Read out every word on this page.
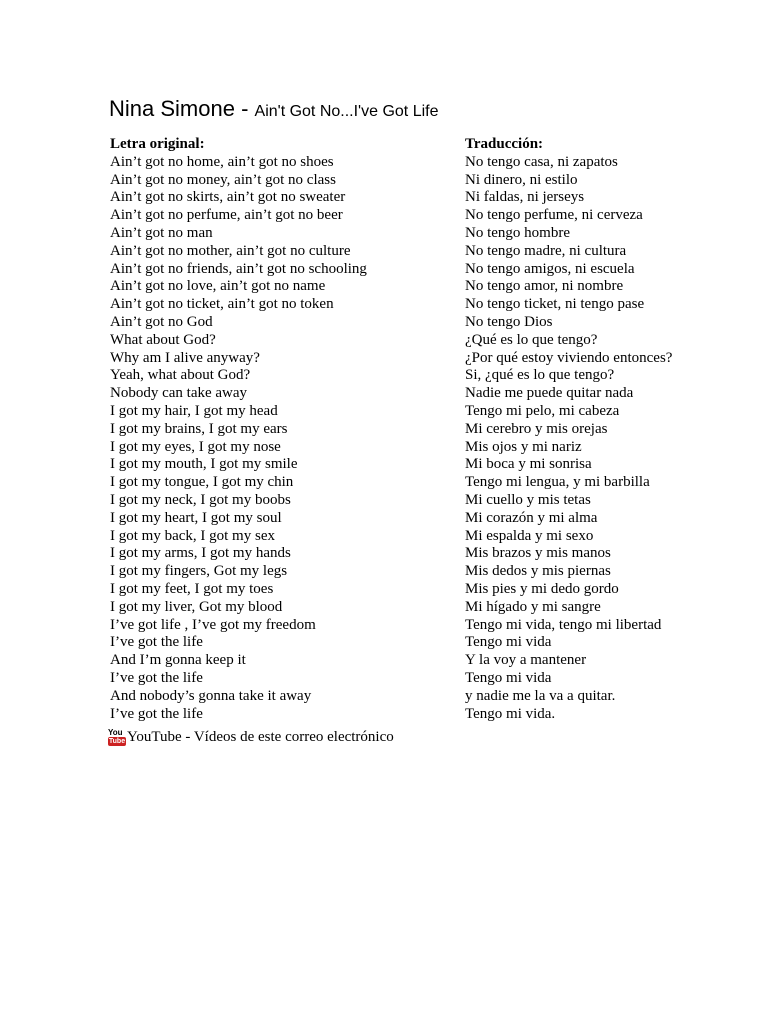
Nina Simone - Ain't Got No...I've Got Life
Letra original:
Ain’t got no home, ain’t got no shoes
Ain’t got no money, ain’t got no class
Ain’t got no skirts, ain’t got no sweater
Ain’t got no perfume, ain’t got no beer
Ain’t got no man
Ain’t got no mother, ain’t got no culture
Ain’t got no friends, ain’t got no schooling
Ain’t got no love, ain’t got no name
Ain’t got no ticket, ain’t got no token
Ain’t got no God
What about God?
Why am I alive anyway?
Yeah, what about God?
Nobody can take away
I got my hair, I got my head
I got my brains, I got my ears
I got my eyes, I got my nose
I got my mouth, I got my smile
I got my tongue, I got my chin
I got my neck, I got my boobs
I got my heart, I got my soul
I got my back, I got my sex
I got my arms, I got my hands
I got my fingers, Got my legs
I got my feet, I got my toes
I got my liver, Got my blood
I’ve got life , I’ve got my freedom
I’ve got the life
And I’m gonna keep it
I’ve got the life
And nobody’s gonna take it away
I’ve got the life
Traducción:
No tengo casa, ni zapatos
Ni dinero, ni estilo
Ni faldas, ni jerseys
No tengo perfume, ni cerveza
No tengo hombre
No tengo madre, ni cultura
No tengo amigos, ni escuela
No tengo amor, ni nombre
No tengo ticket, ni tengo pase
No tengo Dios
¿Qué es lo que tengo?
¿Por qué estoy viviendo entonces?
Si, ¿qué es lo que tengo?
Nadie me puede quitar nada
Tengo mi pelo, mi cabeza
Mi cerebro y mis orejas
Mis ojos y mi nariz
Mi boca y mi sonrisa
Tengo mi lengua, y mi barbilla
Mi cuello y mis tetas
Mi corazón y mi alma
Mi espalda y mi sexo
Mis brazos y mis manos
Mis dedos y mis piernas
Mis pies y mi dedo gordo
Mi hígado y mi sangre
Tengo mi vida, tengo mi libertad
Tengo mi vida
Y la voy a mantener
Tengo mi vida
y nadie me la va a quitar.
Tengo mi vida.
You
Tube YouTube - Vídeos de este correo electrónico
